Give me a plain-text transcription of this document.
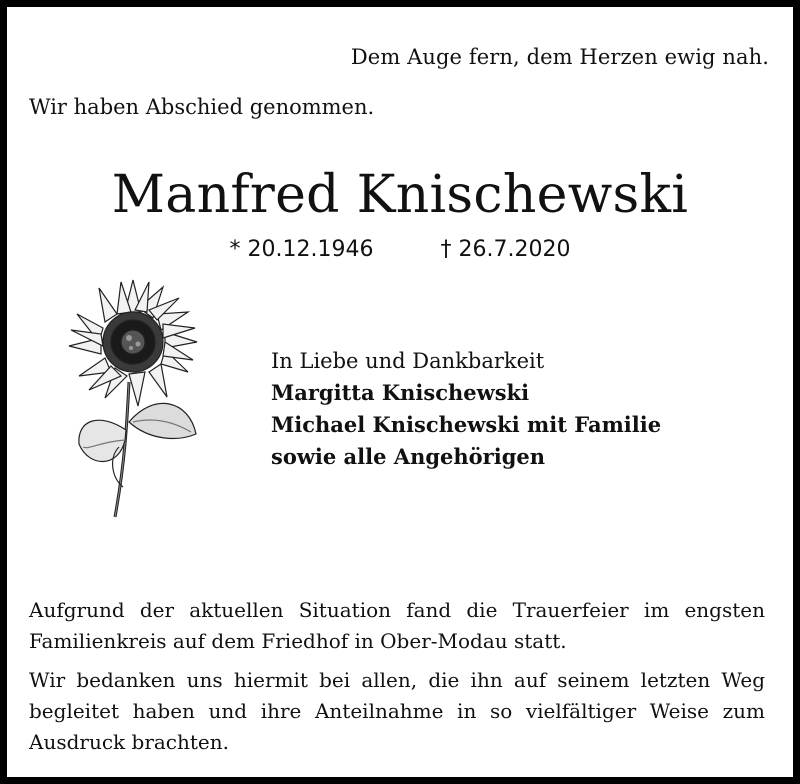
Dem Auge fern, dem Herzen ewig nah.
Wir haben Abschied genommen.
Manfred Knischewski
* 20.12.1946	† 26.7.2020
In Liebe und Dankbarkeit
Margitta Knischewski
Michael Knischewski mit Familie
sowie alle Angehörigen
Aufgrund der aktuellen Situation fand die Trauerfeier im engsten Familienkreis auf dem Friedhof in Ober-Modau statt.
Wir bedanken uns hiermit bei allen, die ihn auf seinem letzten Weg begleitet haben und ihre Anteilnahme in so vielfältiger Weise zum Ausdruck brachten.
